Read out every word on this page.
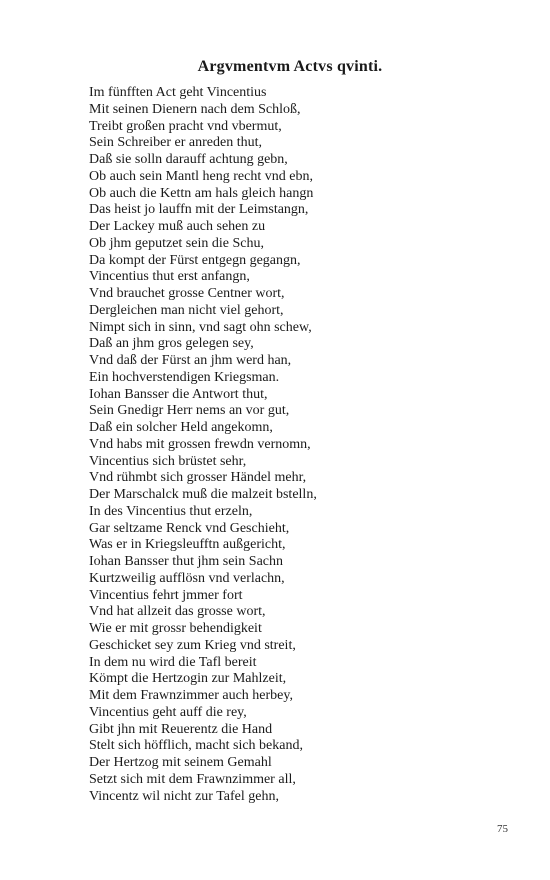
Argvmentvm Actvs qvinti.
Im fünfften Act geht Vincentius
Mit seinen Dienern nach dem Schloß,
Treibt großen pracht vnd vbermut,
Sein Schreiber er anreden thut,
Daß sie solln darauff achtung gebn,
Ob auch sein Mantl heng recht vnd ebn,
Ob auch die Kettn am hals gleich hangn
Das heist jo lauffn mit der Leimstangn,
Der Lackey muß auch sehen zu
Ob jhm geputzet sein die Schu,
Da kompt der Fürst entgegn gegangn,
Vincentius thut erst anfangn,
Vnd brauchet grosse Centner wort,
Dergleichen man nicht viel gehort,
Nimpt sich in sinn, vnd sagt ohn schew,
Daß an jhm gros gelegen sey,
Vnd daß der Fürst an jhm werd han,
Ein hochverstendigen Kriegsman.
Iohan Bansser die Antwort thut,
Sein Gnedigr Herr nems an vor gut,
Daß ein solcher Held angekomn,
Vnd habs mit grossen frewdn vernomn,
Vincentius sich brüstet sehr,
Vnd rühmbt sich grosser Händel mehr,
Der Marschalck muß die malzeit bstelln,
In des Vincentius thut erzeln,
Gar seltzame Renck vnd Geschieht,
Was er in Kriegsleufftn außgericht,
Iohan Bansser thut jhm sein Sachn
Kurtzweilig aufflösn vnd verlachn,
Vincentius fehrt jmmer fort
Vnd hat allzeit das grosse wort,
Wie er mit grossr behendigkeit
Geschicket sey zum Krieg vnd streit,
In dem nu wird die Tafl bereit
Kömpt die Hertzogin zur Mahlzeit,
Mit dem Frawnzimmer auch herbey,
Vincentius geht auff die rey,
Gibt jhn mit Reuerentz die Hand
Stelt sich höfflich, macht sich bekand,
Der Hertzog mit seinem Gemahl
Setzt sich mit dem Frawnzimmer all,
Vincentz wil nicht zur Tafel gehn,
75
